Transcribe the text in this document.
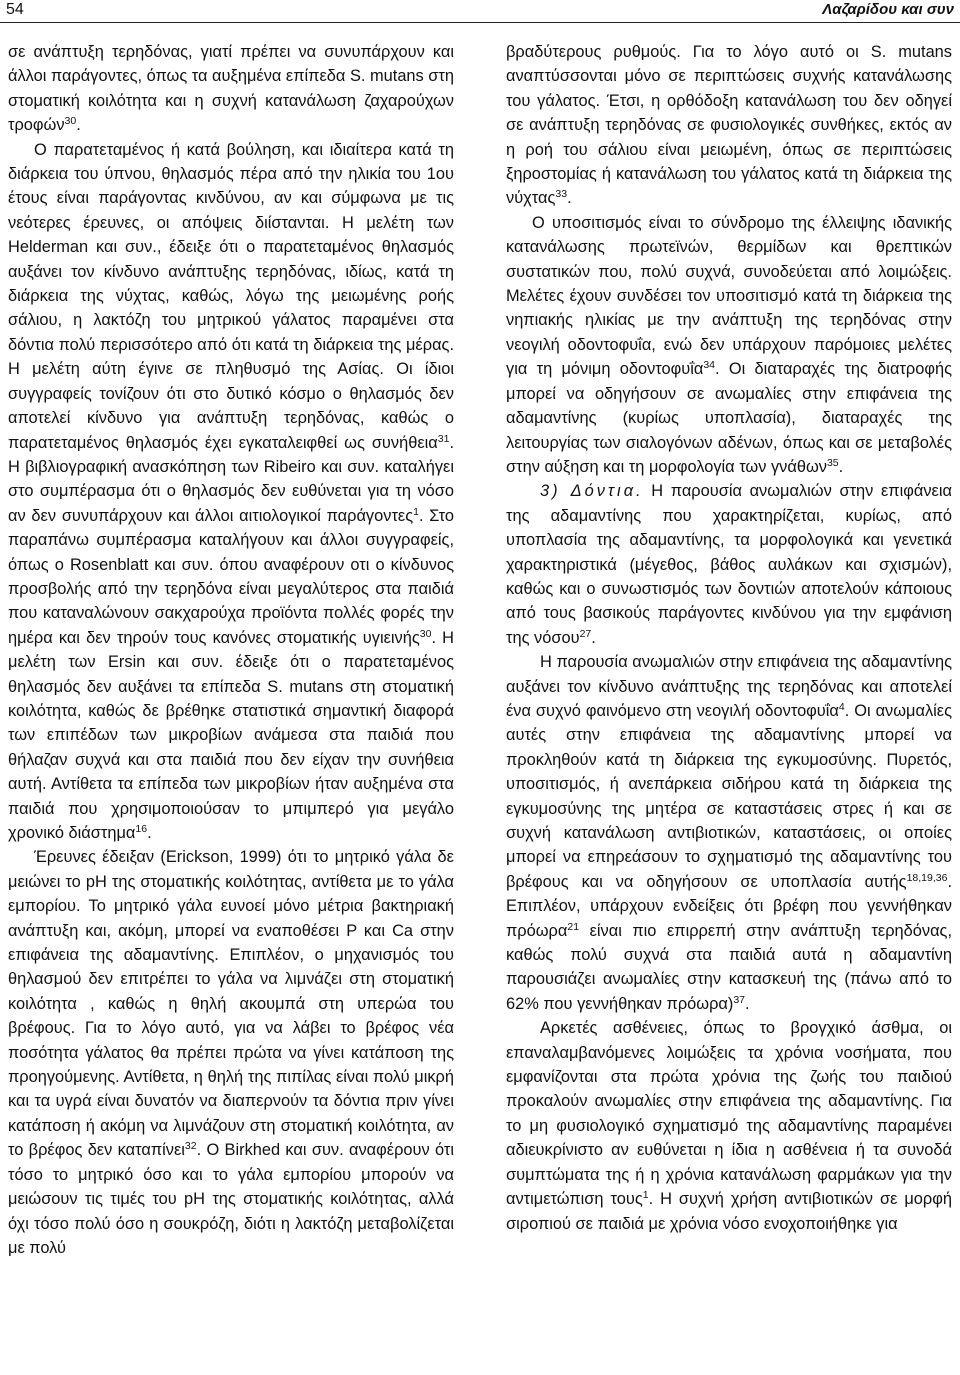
54	Λαζαρίδου και συν

σε ανάπτυξη τερηδόνας, γιατί πρέπει να συνυπάρχουν και άλλοι παράγοντες, όπως τα αυξημένα επίπεδα S. mutans στη στοματική κοιλότητα και η συχνή κατανάλωση ζαχαρούχων τροφών$^{30}$.

Ο παρατεταμένος ή κατά βούληση, και ιδιαίτερα κατά τη διάρκεια του ύπνου, θηλασμός πέρα από την ηλικία του 1ου έτους είναι παράγοντας κινδύνου, αν και σύμφωνα με τις νεότερες έρευνες, οι απόψεις διίστανται. Η μελέτη των Helderman και συν., έδειξε ότι ο παρατεταμένος θηλασμός αυξάνει τον κίνδυνο ανάπτυξης τερηδόνας, ιδίως, κατά τη διάρκεια της νύχτας, καθώς, λόγω της μειωμένης ροής σάλιου, η λακτόζη του μητρικού γάλατος παραμένει στα δόντια πολύ περισσότερο από ότι κατά τη διάρκεια της μέρας. Η μελέτη αύτη έγινε σε πληθυσμό της Ασίας. Οι ίδιοι συγγραφείς τονίζουν ότι στο δυτικό κόσμο ο θηλασμός δεν αποτελεί κίνδυνο για ανάπτυξη τερηδόνας, καθώς ο παρατεταμένος θηλασμός έχει εγκαταλειφθεί ως συνήθεια$^{31}$. Η βιβλιογραφική ανασκόπηση των Ribeiro και συν. καταλήγει στο συμπέρασμα ότι ο θηλασμός δεν ευθύνεται για τη νόσο αν δεν συνυπάρχουν και άλλοι αιτιολογικοί παράγοντες$^1$. Στο παραπάνω συμπέρασμα καταλήγουν και άλλοι συγγραφείς, όπως ο Rosenblatt και συν. όπου αναφέρουν οτι ο κίνδυνος προσβολής από την τερηδόνα είναι μεγαλύτερος στα παιδιά που καταναλώνουν σακχαρούχα προϊόντα πολλές φορές την ημέρα και δεν τηρούν τους κανόνες στοματικής υγιεινής$^{30}$. Η μελέτη των Ersin και συν. έδειξε ότι ο παρατεταμένος θηλασμός δεν αυξάνει τα επίπεδα S. mutans στη στοματική κοιλότητα, καθώς δε βρέθηκε στατιστικά σημαντική διαφορά των επιπέδων των μικροβίων ανάμεσα στα παιδιά που θήλαζαν συχνά και στα παιδιά που δεν είχαν την συνήθεια αυτή. Αντίθετα τα επίπεδα των μικροβίων ήταν αυξημένα στα παιδιά που χρησιμοποιούσαν το μπιμπερό για μεγάλο χρονικό διάστημα$^{16}$.

Έρευνες έδειξαν (Erickson, 1999) ότι το μητρικό γάλα δε μειώνει το pH της στοματικής κοιλότητας, αντίθετα με το γάλα εμπορίου. Το μητρικό γάλα ευνοεί μόνο μέτρια βακτηριακή ανάπτυξη και, ακόμη, μπορεί να εναποθέσει P και Ca στην επιφάνεια της αδαμαντίνης. Επιπλέον, ο μηχανισμός του θηλασμού δεν επιτρέπει το γάλα να λιμνάζει στη στοματική κοιλότητα , καθώς η θηλή ακουμπά στη υπερώα του βρέφους. Για το λόγο αυτό, για να λάβει το βρέφος νέα ποσότητα γάλατος θα πρέπει πρώτα να γίνει κατάποση της προηγούμενης. Αντίθετα, η θηλή της πιπίλας είναι πολύ μικρή και τα υγρά είναι δυνατόν να διαπερνούν τα δόντια πριν γίνει κατάποση ή ακόμη να λιμνάζουν στη στοματική κοιλότητα, αν το βρέφος δεν καταπίνει$^{32}$. Ο Birkhed και συν. αναφέρουν ότι τόσο το μητρικό όσο και το γάλα εμπορίου μπορούν να μειώσουν τις τιμές του pH της στοματικής κοιλότητας, αλλά όχι τόσο πολύ όσο η σουκρόζη, διότι η λακτόζη μεταβολίζεται με πολύ

βραδύτερους ρυθμούς. Για το λόγο αυτό οι S. mutans αναπτύσσονται μόνο σε περιπτώσεις συχνής κατανάλωσης του γάλατος. Έτσι, η ορθόδοξη κατανάλωση του δεν οδηγεί σε ανάπτυξη τερηδόνας σε φυσιολογικές συνθήκες, εκτός αν η ροή του σάλιου είναι μειωμένη, όπως σε περιπτώσεις ξηροστομίας ή κατανάλωση του γάλατος κατά τη διάρκεια της νύχτας$^{33}$.

Ο υποσιτισμός είναι το σύνδρομο της έλλειψης ιδανικής κατανάλωσης πρωτεϊνών, θερμίδων και θρεπτικών συστατικών που, πολύ συχνά, συνοδεύεται από λοιμώξεις. Μελέτες έχουν συνδέσει τον υποσιτισμό κατά τη διάρκεια της νηπιακής ηλικίας με την ανάπτυξη της τερηδόνας στην νεογιλή οδοντοφυΐα, ενώ δεν υπάρχουν παρόμοιες μελέτες για τη μόνιμη οδοντοφυΐα$^{34}$. Οι διαταραχές της διατροφής μπορεί να οδηγήσουν σε ανωμαλίες στην επιφάνεια της αδαμαντίνης (κυρίως υποπλασία), διαταραχές της λειτουργίας των σιαλογόνων αδένων, όπως και σε μεταβολές στην αύξηση και τη μορφολογία των γνάθων$^{35}$.

3) Δόντια. Η παρουσία ανωμαλιών στην επιφάνεια της αδαμαντίνης που χαρακτηρίζεται, κυρίως, από υποπλασία της αδαμαντίνης, τα μορφολογικά και γενετικά χαρακτηριστικά (μέγεθος, βάθος αυλάκων και σχισμών), καθώς και ο συνωστισμός των δοντιών αποτελούν κάποιους από τους βασικούς παράγοντες κινδύνου για την εμφάνιση της νόσου$^{27}$.

Η παρουσία ανωμαλιών στην επιφάνεια της αδαμαντίνης αυξάνει τον κίνδυνο ανάπτυξης της τερηδόνας και αποτελεί ένα συχνό φαινόμενο στη νεογιλή οδοντοφυΐα$^4$. Οι ανωμαλίες αυτές στην επιφάνεια της αδαμαντίνης μπορεί να προκληθούν κατά τη διάρκεια της εγκυμοσύνης. Πυρετός, υποσιτισμός, ή ανεπάρκεια σιδήρου κατά τη διάρκεια της εγκυμοσύνης της μητέρα σε καταστάσεις στρες ή και σε συχνή κατανάλωση αντιβιοτικών, καταστάσεις, οι οποίες μπορεί να επηρεάσουν το σχηματισμό της αδαμαντίνης του βρέφους και να οδηγήσουν σε υποπλασία αυτής$^{18,19,36}$. Επιπλέον, υπάρχουν ενδείξεις ότι βρέφη που γεννήθηκαν πρόωρα$^{21}$ είναι πιο επιρρεπή στην ανάπτυξη τερηδόνας, καθώς πολύ συχνά στα παιδιά αυτά η αδαμαντίνη παρουσιάζει ανωμαλίες στην κατασκευή της (πάνω από το 62% που γεννήθηκαν πρόωρα)$^{37}$.

Αρκετές ασθένειες, όπως το βρογχικό άσθμα, οι επαναλαμβανόμενες λοιμώξεις τα χρόνια νοσήματα, που εμφανίζονται στα πρώτα χρόνια της ζωής του παιδιού προκαλούν ανωμαλίες στην επιφάνεια της αδαμαντίνης. Για το μη φυσιολογικό σχηματισμό της αδαμαντίνης παραμένει αδιευκρίνιστο αν ευθύνεται η ίδια η ασθένεια ή τα συνοδά συμπτώματα της ή η χρόνια κατανάλωση φαρμάκων για την αντιμετώπιση τους$^1$. Η συχνή χρήση αντιβιοτικών σε μορφή σιροπιού σε παιδιά με χρόνια νόσο ενοχοποιήθηκε για
